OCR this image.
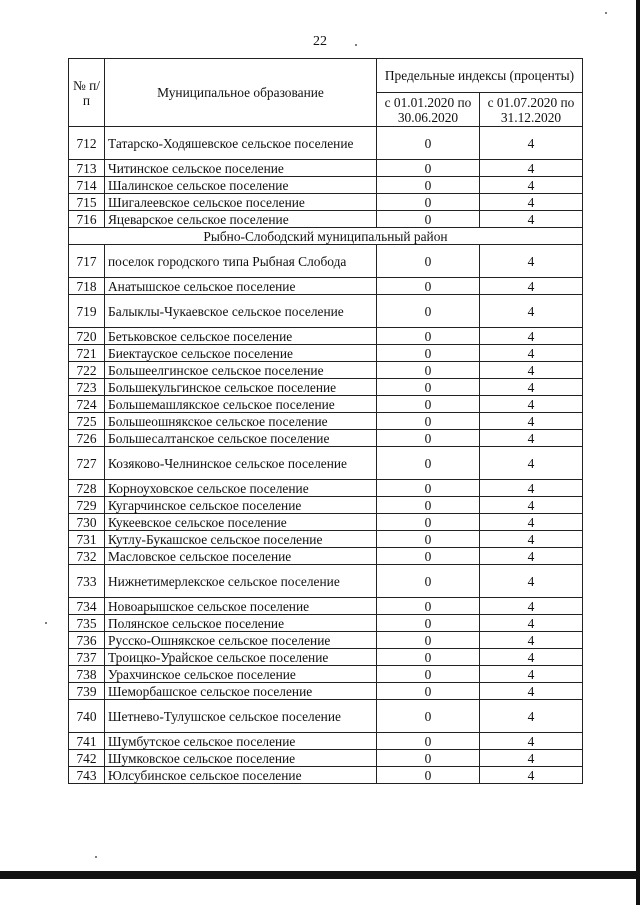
22
№ п/п	Муниципальное образование	Предельные индексы (проценты)	
		с 01.01.2020 по 30.06.2020	с 01.07.2020 по 31.12.2020
712	Татарско-Ходяшевское сельское поселение	0	4
713	Читинское сельское поселение	0	4
714	Шалинское сельское поселение	0	4
715	Шигалеевское сельское поселение	0	4
716	Яцеварское сельское поселение	0	4
Рыбно-Слободский муниципальный район			
717	поселок городского типа Рыбная Слобода	0	4
718	Анатышское сельское поселение	0	4
719	Балыклы-Чукаевское сельское поселение	0	4
720	Бетьковское сельское поселение	0	4
721	Биектауское сельское поселение	0	4
722	Большеелгинское сельское поселение	0	4
723	Большекульгинское сельское поселение	0	4
724	Большемашлякское сельское поселение	0	4
725	Большеошнякское сельское поселение	0	4
726	Большесалтанское сельское поселение	0	4
727	Козяково-Челнинское сельское поселение	0	4
728	Корноуховское сельское поселение	0	4
729	Кугарчинское сельское поселение	0	4
730	Кукеевское сельское поселение	0	4
731	Кутлу-Букашское сельское поселение	0	4
732	Масловское сельское поселение	0	4
733	Нижнетимерлекское сельское поселение	0	4
734	Новоарышское сельское поселение	0	4
735	Полянское сельское поселение	0	4
736	Русско-Ошнякское сельское поселение	0	4
737	Троицко-Урайское сельское поселение	0	4
738	Урахчинское сельское поселение	0	4
739	Шеморбашское сельское поселение	0	4
740	Шетнево-Тулушское сельское поселение	0	4
741	Шумбутское сельское поселение	0	4
742	Шумковское сельское поселение	0	4
743	Юлсубинское сельское поселение	0	4
